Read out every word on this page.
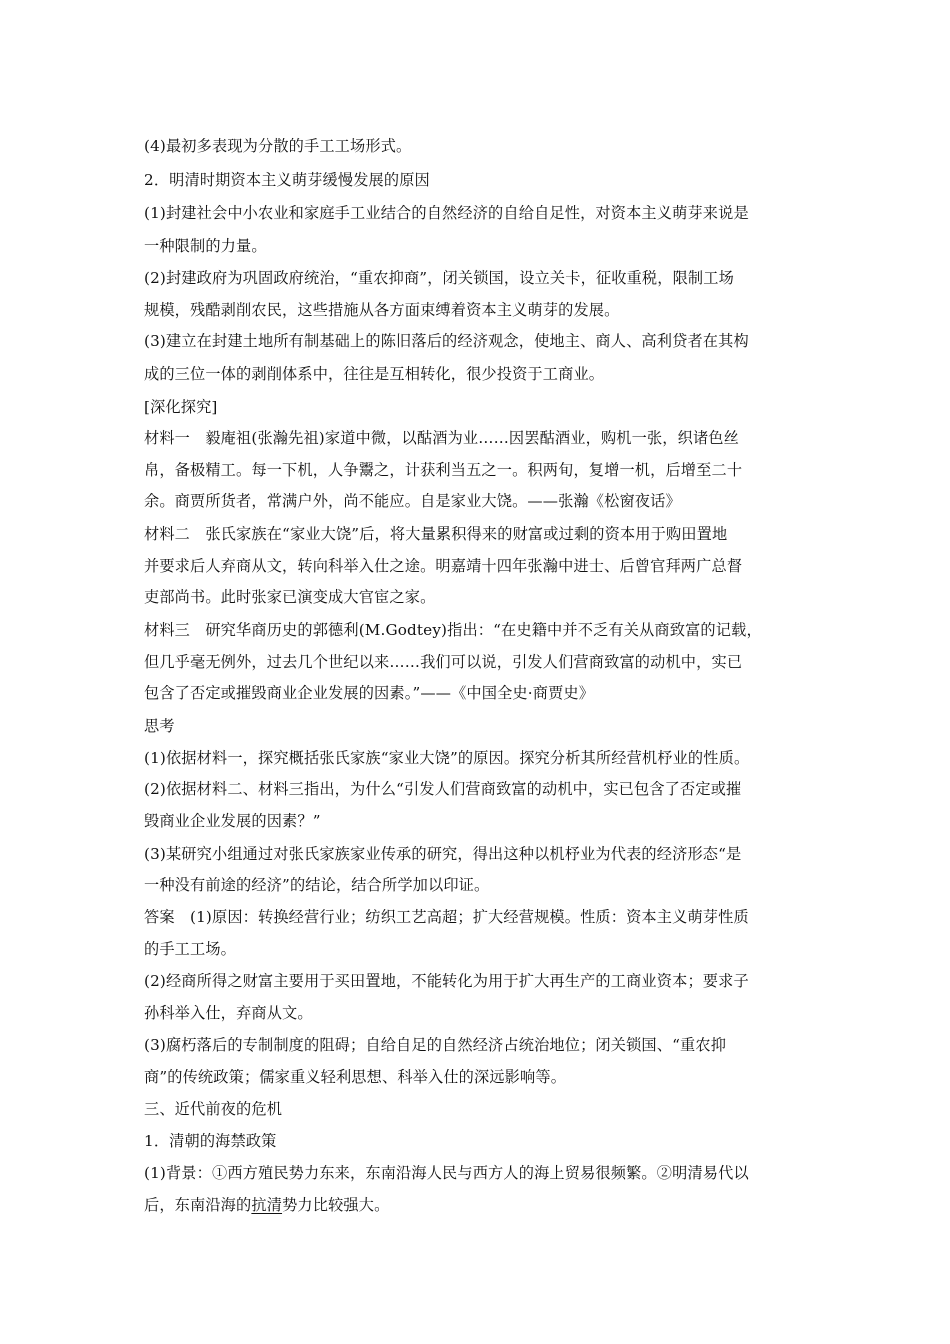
(4)最初多表现为分散的手工工场形式。
2．明清时期资本主义萌芽缓慢发展的原因
(1)封建社会中小农业和家庭手工业结合的自然经济的自给自足性，对资本主义萌芽来说是
一种限制的力量。
(2)封建政府为巩固政府统治，“重农抑商”，闭关锁国，设立关卡，征收重税，限制工场
规模，残酷剥削农民，这些措施从各方面束缚着资本主义萌芽的发展。
(3)建立在封建土地所有制基础上的陈旧落后的经济观念，使地主、商人、高利贷者在其构
成的三位一体的剥削体系中，往往是互相转化，很少投资于工商业。
[深化探究]
材料一　毅庵祖(张瀚先祖)家道中微，以酤酒为业……因罢酤酒业，购机一张，织诸色丝
帛，备极精工。每一下机，人争鬻之，计获利当五之一。积两旬，复增一机，后增至二十
余。商贾所货者，常满户外，尚不能应。自是家业大饶。——张瀚《松窗夜话》
材料二　张氏家族在“家业大饶”后，将大量累积得来的财富或过剩的资本用于购田置地
并要求后人弃商从文，转向科举入仕之途。明嘉靖十四年张瀚中进士、后曾官拜两广总督
吏部尚书。此时张家已演变成大官宦之家。
材料三　研究华商历史的郭德利(M.Godtey)指出：“在史籍中并不乏有关从商致富的记载，
但几乎毫无例外，过去几个世纪以来……我们可以说，引发人们营商致富的动机中，实已
包含了否定或摧毁商业企业发展的因素。”——《中国全史·商贾史》
思考
(1)依据材料一，探究概括张氏家族“家业大饶”的原因。探究分析其所经营机杼业的性质。
(2)依据材料二、材料三指出，为什么“引发人们营商致富的动机中，实已包含了否定或摧
毁商业企业发展的因素？”
(3)某研究小组通过对张氏家族家业传承的研究，得出这种以机杼业为代表的经济形态“是
一种没有前途的经济”的结论，结合所学加以印证。
答案　(1)原因：转换经营行业；纺织工艺高超；扩大经营规模。性质：资本主义萌芽性质
的手工工场。
(2)经商所得之财富主要用于买田置地，不能转化为用于扩大再生产的工商业资本；要求子
孙科举入仕，弃商从文。
(3)腐朽落后的专制制度的阻碍；自给自足的自然经济占统治地位；闭关锁国、“重农抑
商”的传统政策；儒家重义轻利思想、科举入仕的深远影响等。
三、近代前夜的危机
1．清朝的海禁政策
(1)背景：①西方殖民势力东来，东南沿海人民与西方人的海上贸易很频繁。②明清易代以
后，东南沿海的抗清势力比较强大。
